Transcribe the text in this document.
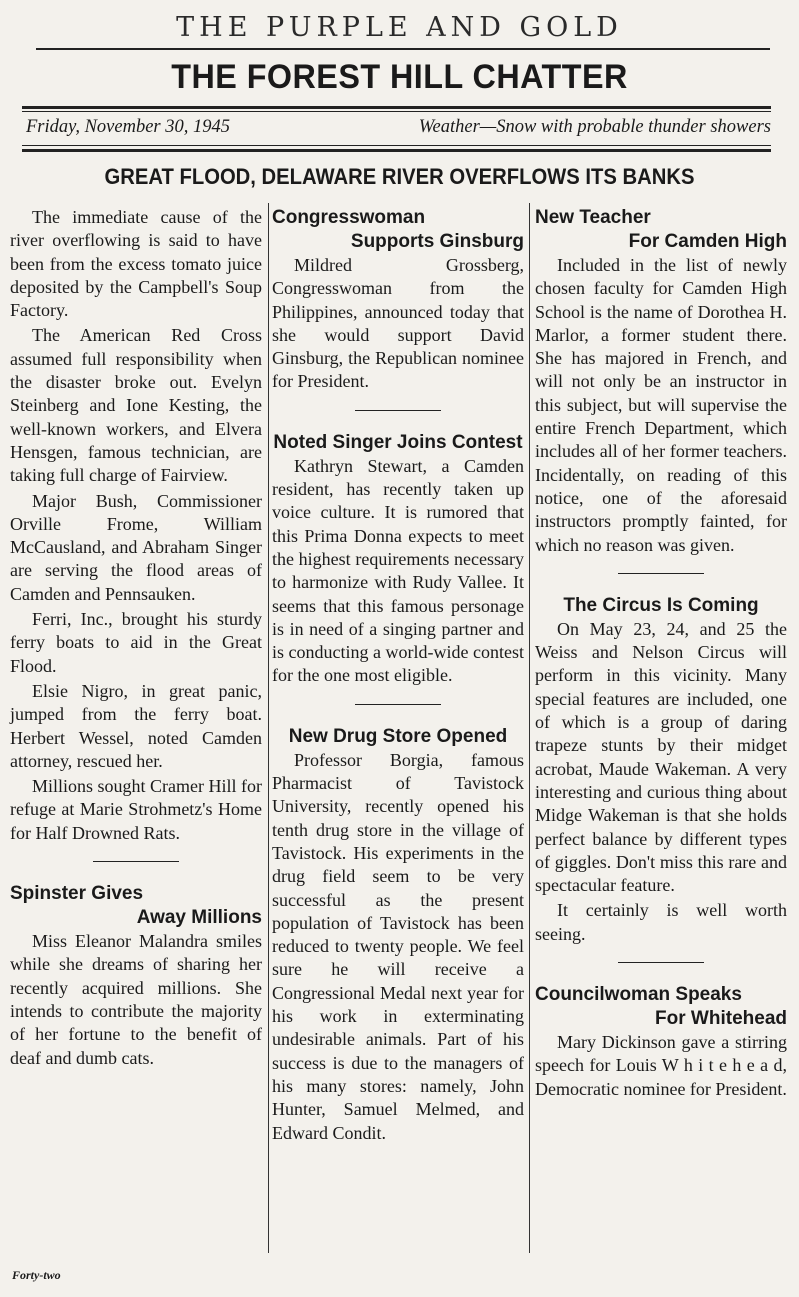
THE PURPLE AND GOLD
THE FOREST HILL CHATTER
Friday, November 30, 1945	Weather—Snow with probable thunder showers
GREAT FLOOD, DELAWARE RIVER OVERFLOWS ITS BANKS

The immediate cause of the river overflowing is said to have been from the excess tomato juice deposited by the Campbell's Soup Factory.

The American Red Cross assumed full responsibility when the disaster broke out. Evelyn Steinberg and Ione Kesting, the well-known workers, and Elvera Hensgen, famous technician, are taking full charge of Fairview.

Major Bush, Commissioner Orville Frome, William McCausland, and Abraham Singer are serving the flood areas of Camden and Pennsauken.

Ferri, Inc., brought his sturdy ferry boats to aid in the Great Flood.

Elsie Nigro, in great panic, jumped from the ferry boat. Herbert Wessel, noted Camden attorney, rescued her.

Millions sought Cramer Hill for refuge at Marie Strohmetz's Home for Half Drowned Rats.

Spinster Gives
Away Millions

Miss Eleanor Malandra smiles while she dreams of sharing her recently acquired millions. She intends to contribute the majority of her fortune to the benefit of deaf and dumb cats.

Congresswoman
Supports Ginsburg

Mildred Grossberg, Congresswoman from the Philippines, announced today that she would support David Ginsburg, the Republican nominee for President.

Noted Singer Joins Contest

Kathryn Stewart, a Camden resident, has recently taken up voice culture. It is rumored that this Prima Donna expects to meet the highest requirements necessary to harmonize with Rudy Vallee. It seems that this famous personage is in need of a singing partner and is conducting a world-wide contest for the one most eligible.

New Drug Store Opened

Professor Borgia, famous Pharmacist of Tavistock University, recently opened his tenth drug store in the village of Tavistock. His experiments in the drug field seem to be very successful as the present population of Tavistock has been reduced to twenty people. We feel sure he will receive a Congressional Medal next year for his work in exterminating undesirable animals. Part of his success is due to the managers of his many stores: namely, John Hunter, Samuel Melmed, and Edward Condit.

New Teacher
For Camden High

Included in the list of newly chosen faculty for Camden High School is the name of Dorothea H. Marlor, a former student there. She has majored in French, and will not only be an instructor in this subject, but will supervise the entire French Department, which includes all of her former teachers. Incidentally, on reading of this notice, one of the aforesaid instructors promptly fainted, for which no reason was given.

The Circus Is Coming

On May 23, 24, and 25 the Weiss and Nelson Circus will perform in this vicinity. Many special features are included, one of which is a group of daring trapeze stunts by their midget acrobat, Maude Wakeman. A very interesting and curious thing about Midge Wakeman is that she holds perfect balance by different types of giggles. Don't miss this rare and spectacular feature.

It certainly is well worth seeing.

Councilwoman Speaks
For Whitehead

Mary Dickinson gave a stirring speech for Louis W h i t e h e a d, Democratic nominee for President.

Forty-two
